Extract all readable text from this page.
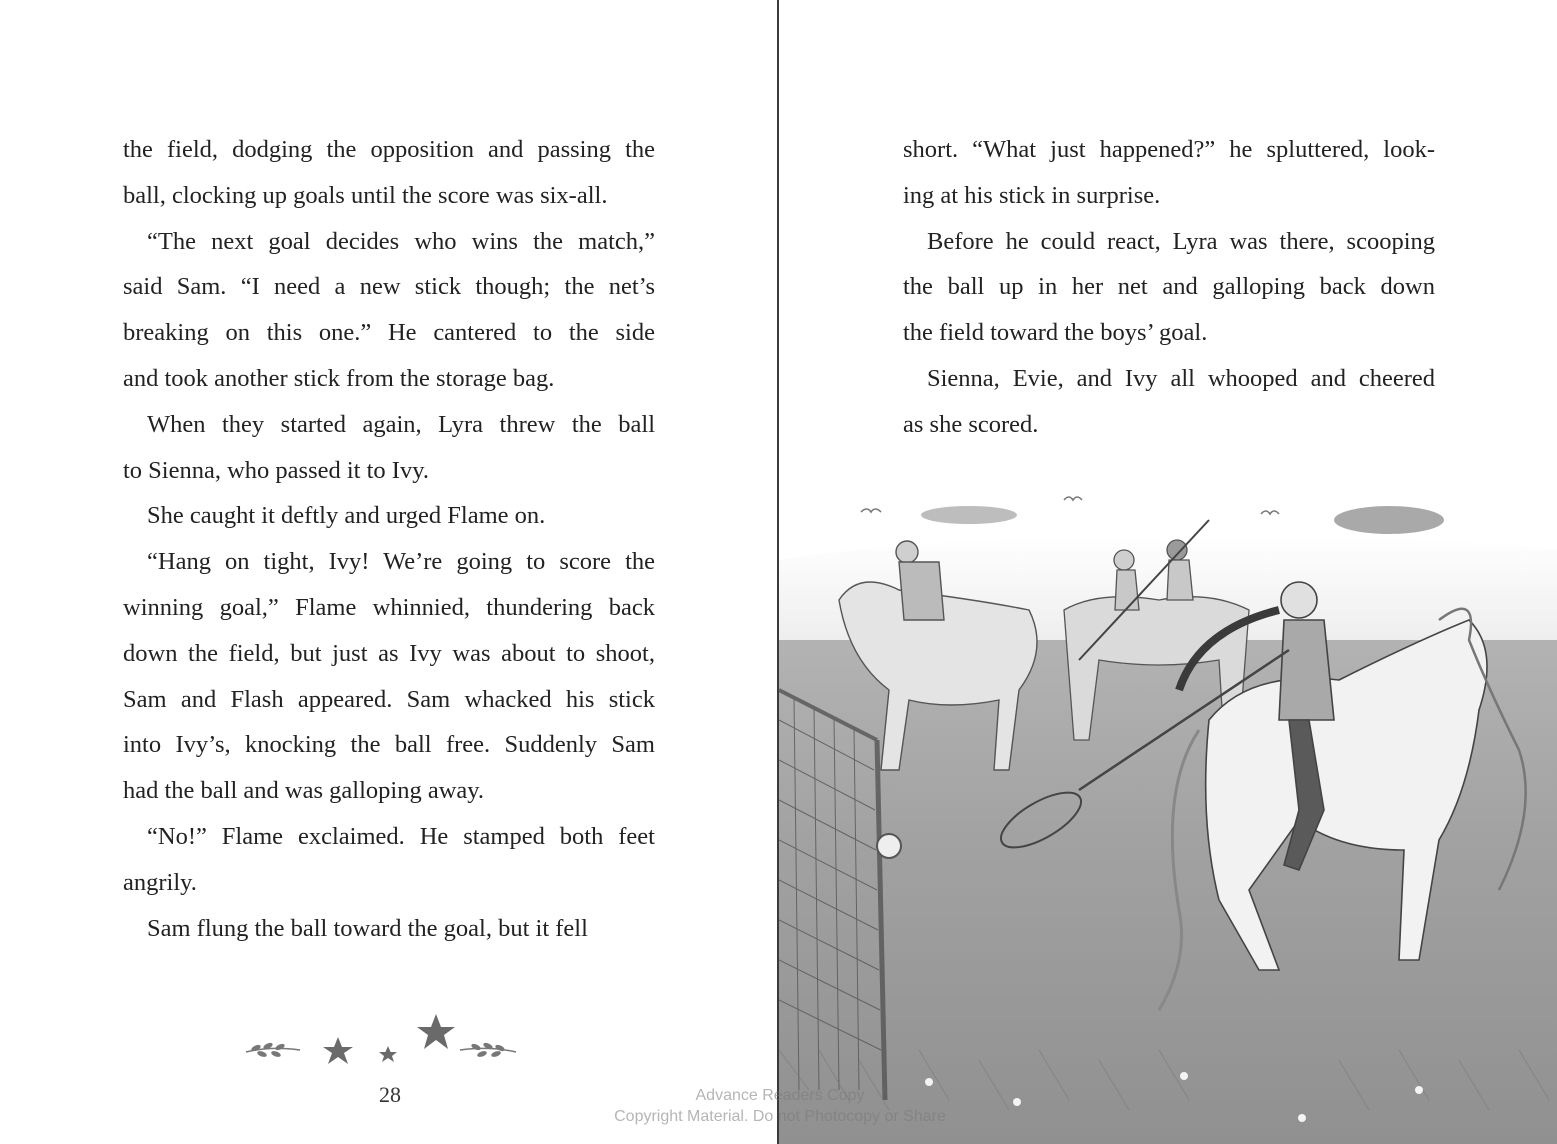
the field, dodging the opposition and passing the
ball, clocking up goals until the score was six-all.

“The next goal decides who wins the match,”
said Sam. “I need a new stick though; the net’s
breaking on this one.” He cantered to the side
and took another stick from the storage bag.

When they started again, Lyra threw the ball
to Sienna, who passed it to Ivy.

She caught it deftly and urged Flame on.

“Hang on tight, Ivy! We’re going to score the
winning goal,” Flame whinnied, thundering back
down the field, but just as Ivy was about to shoot,
Sam and Flash appeared. Sam whacked his stick
into Ivy’s, knocking the ball free. Suddenly Sam
had the ball and was galloping away.

“No!” Flame exclaimed. He stamped both feet
angrily.

Sam flung the ball toward the goal, but it fell

28

short. “What just happened?” he spluttered, look-
ing at his stick in surprise.

Before he could react, Lyra was there, scooping
the ball up in her net and galloping back down
the field toward the boys’ goal.

Sienna, Evie, and Ivy all whooped and cheered
as she scored.

Advance Readers Copy
Copyright Material. Do not Photocopy or Share
